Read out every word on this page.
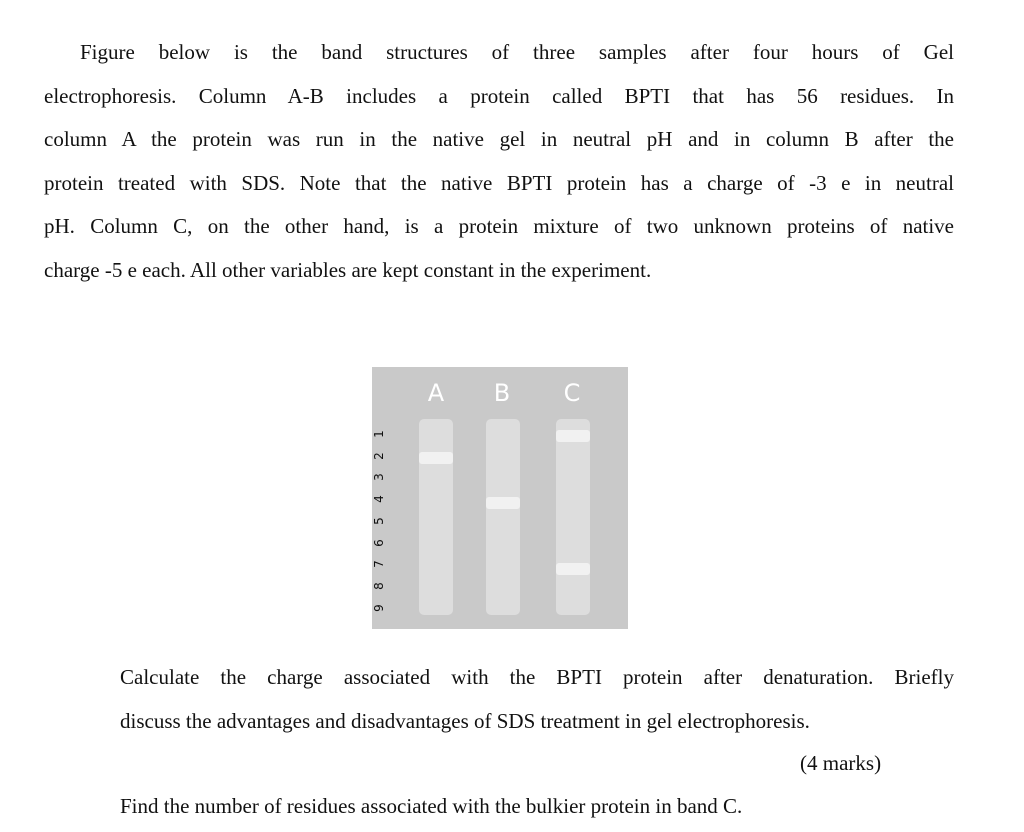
Figure below is the band structures of three samples after four hours of Gel
electrophoresis. Column A-B includes a protein called BPTI that has 56 residues. In
column A the protein was run in the native gel in neutral pH and in column B after the
protein treated with SDS. Note that the native BPTI protein has a charge of -3 e in neutral
pH. Column C, on the other hand, is a protein mixture of two unknown proteins of native
charge -5 e each. All other variables are kept constant in the experiment.
A B C
1
2
3
4
5
6
7
8
9
Calculate the charge associated with the BPTI protein after denaturation. Briefly
discuss the advantages and disadvantages of SDS treatment in gel electrophoresis.
(4 marks)
Find the number of residues associated with the bulkier protein in band C.
